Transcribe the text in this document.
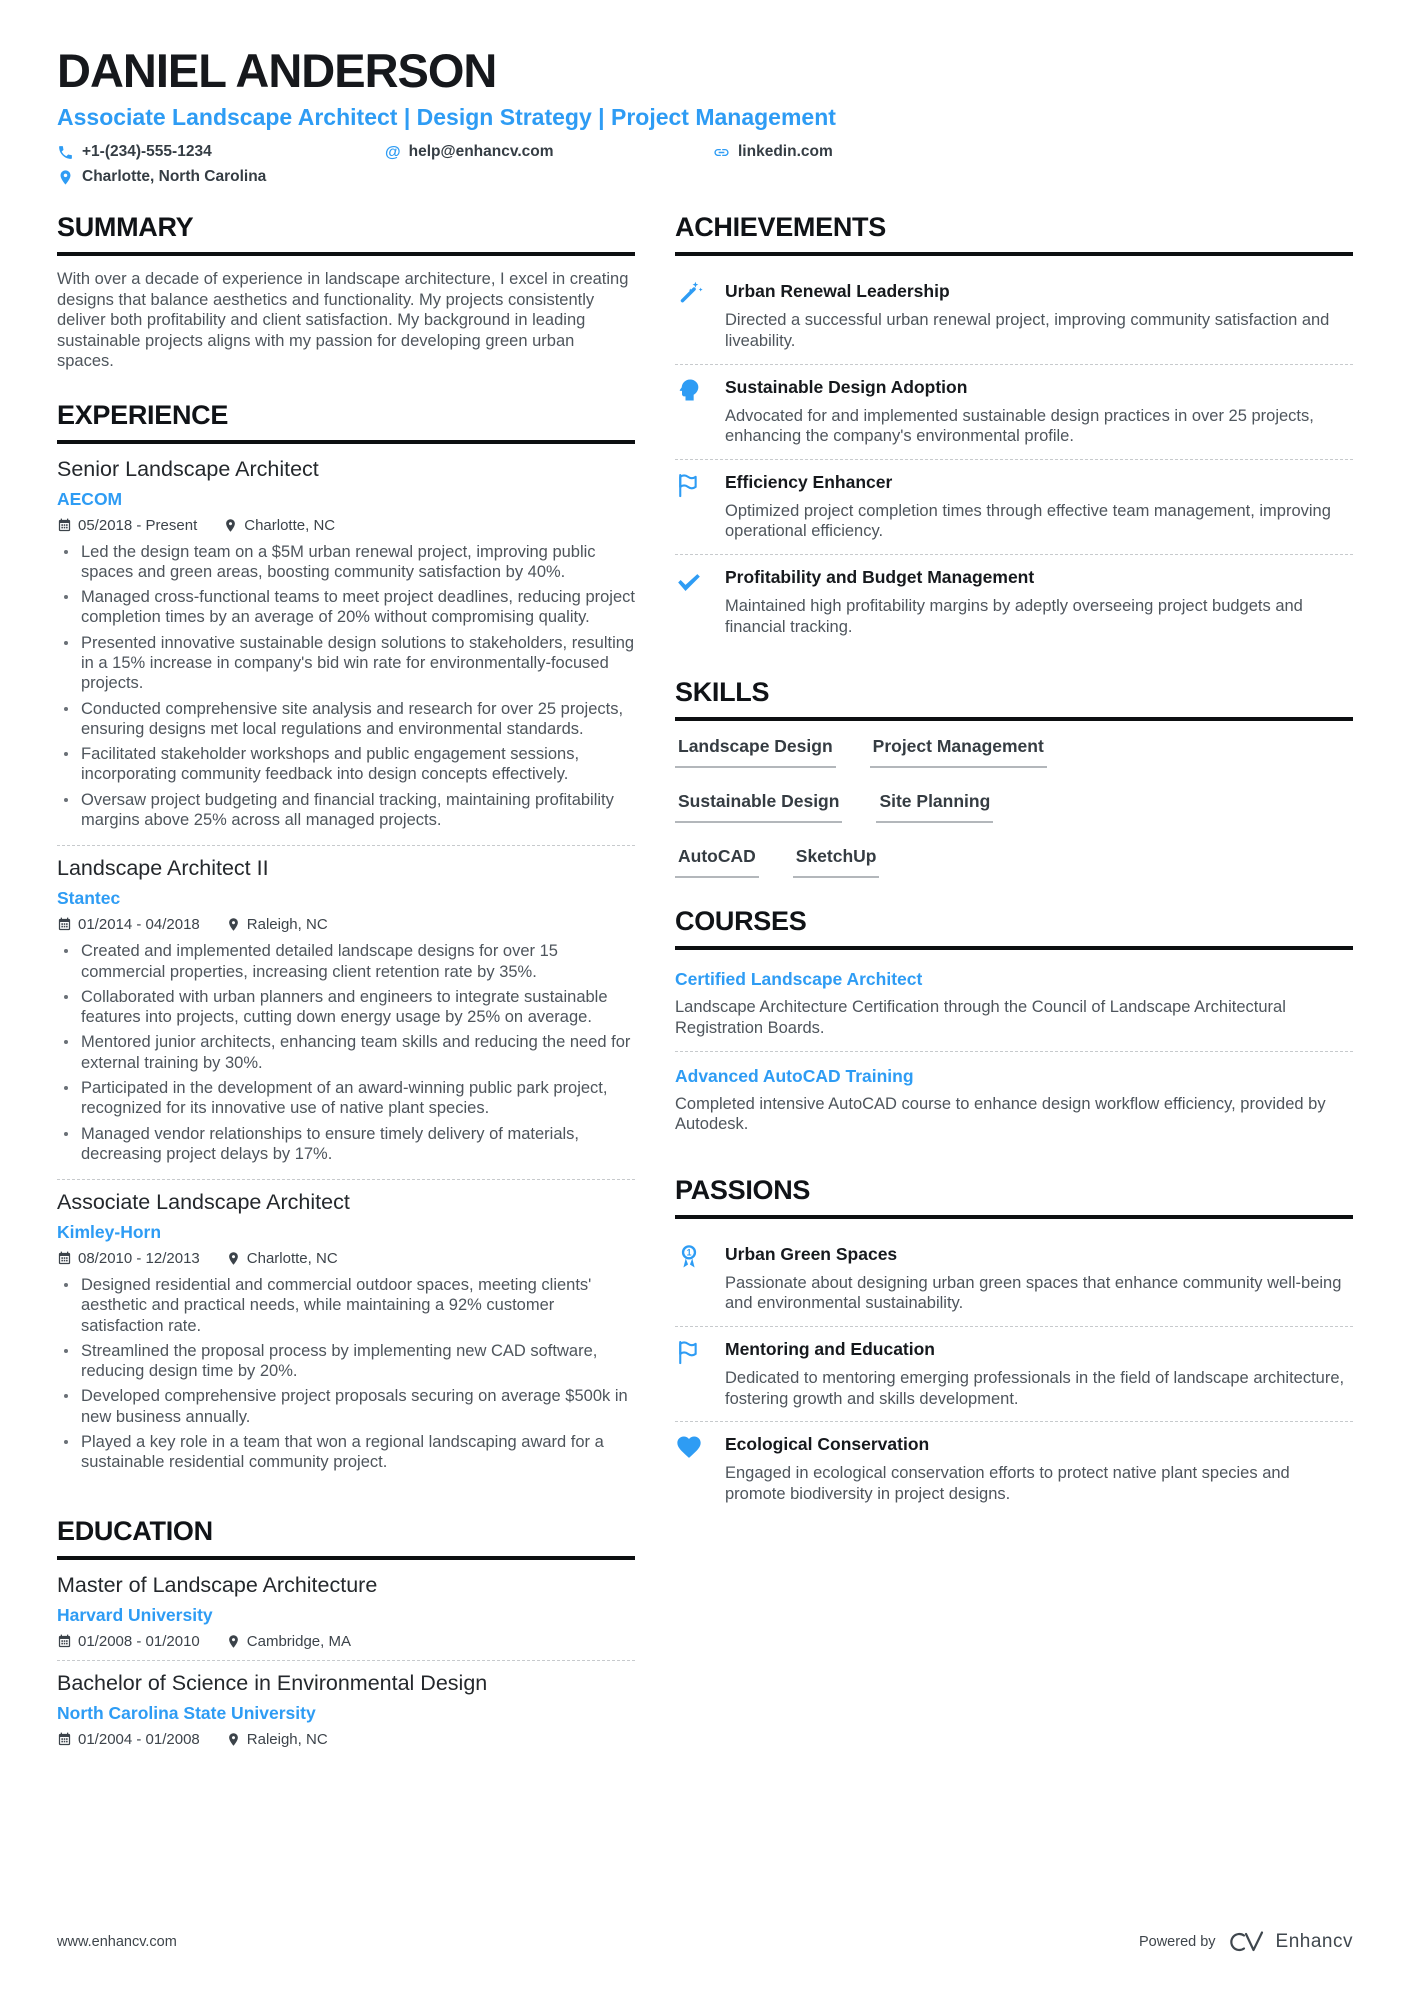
DANIEL ANDERSON
Associate Landscape Architect | Design Strategy | Project Management
+1-(234)-555-1234	@ help@enhancv.com	linkedin.com
Charlotte, North Carolina
SUMMARY

With over a decade of experience in landscape architecture, I excel in creating designs that balance aesthetics and functionality. My projects consistently deliver both profitability and client satisfaction. My background in leading sustainable projects aligns with my passion for developing green urban spaces.

EXPERIENCE
Senior Landscape Architect
AECOM
05/2018 - Present	Charlotte, NC
Led the design team on a $5M urban renewal project, improving public spaces and green areas, boosting community satisfaction by 40%.
Managed cross-functional teams to meet project deadlines, reducing project completion times by an average of 20% without compromising quality.
Presented innovative sustainable design solutions to stakeholders, resulting in a 15% increase in company's bid win rate for environmentally-focused projects.
Conducted comprehensive site analysis and research for over 25 projects, ensuring designs met local regulations and environmental standards.
Facilitated stakeholder workshops and public engagement sessions, incorporating community feedback into design concepts effectively.
Oversaw project budgeting and financial tracking, maintaining profitability margins above 25% across all managed projects.
Landscape Architect II
Stantec
01/2014 - 04/2018	Raleigh, NC
Created and implemented detailed landscape designs for over 15 commercial properties, increasing client retention rate by 35%.
Collaborated with urban planners and engineers to integrate sustainable features into projects, cutting down energy usage by 25% on average.
Mentored junior architects, enhancing team skills and reducing the need for external training by 30%.
Participated in the development of an award-winning public park project, recognized for its innovative use of native plant species.
Managed vendor relationships to ensure timely delivery of materials, decreasing project delays by 17%.
Associate Landscape Architect
Kimley-Horn
08/2010 - 12/2013	Charlotte, NC
Designed residential and commercial outdoor spaces, meeting clients' aesthetic and practical needs, while maintaining a 92% customer satisfaction rate.
Streamlined the proposal process by implementing new CAD software, reducing design time by 20%.
Developed comprehensive project proposals securing on average $500k in new business annually.
Played a key role in a team that won a regional landscaping award for a sustainable residential community project.
EDUCATION
Master of Landscape Architecture
Harvard University
01/2008 - 01/2010	Cambridge, MA
Bachelor of Science in Environmental Design
North Carolina State University
01/2004 - 01/2008	Raleigh, NC
ACHIEVEMENTS
Urban Renewal Leadership

Directed a successful urban renewal project, improving community satisfaction and liveability.

Sustainable Design Adoption

Advocated for and implemented sustainable design practices in over 25 projects, enhancing the company's environmental profile.

Efficiency Enhancer

Optimized project completion times through effective team management, improving operational efficiency.

Profitability and Budget Management

Maintained high profitability margins by adeptly overseeing project budgets and financial tracking.

SKILLS
Landscape Design Project Management
Sustainable Design Site Planning
AutoCAD SketchUp
COURSES
Certified Landscape Architect

Landscape Architecture Certification through the Council of Landscape Architectural Registration Boards.

Advanced AutoCAD Training

Completed intensive AutoCAD course to enhance design workflow efficiency, provided by Autodesk.

PASSIONS
1 Urban Green Spaces

Passionate about designing urban green spaces that enhance community well-being and environmental sustainability.

Mentoring and Education

Dedicated to mentoring emerging professionals in the field of landscape architecture, fostering growth and skills development.

Ecological Conservation

Engaged in ecological conservation efforts to protect native plant species and promote biodiversity in project designs.

www.enhancv.com	Powered by	Enhancv
